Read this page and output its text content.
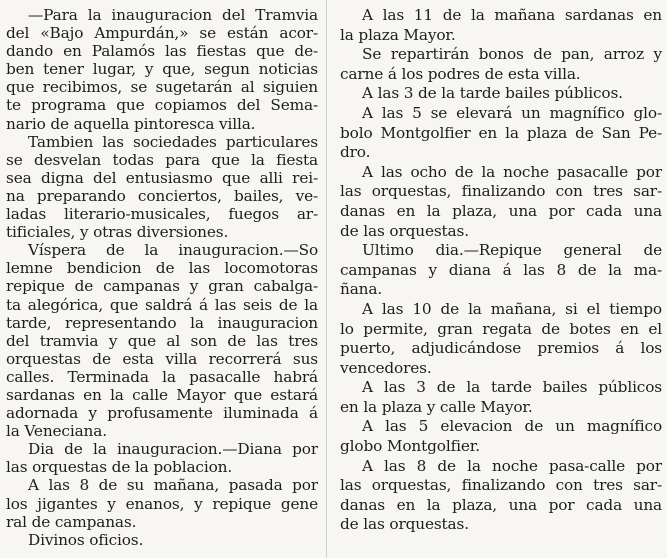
—Para la inauguracion del Tramvia
del «Bajo Ampurdán,» se están acor-
dando en Palamós las fiestas que de-
ben tener lugar, y que, segun noticias
que recibimos, se sugetarán al siguien
te programa que copiamos del Sema-
nario de aquella pintoresca villa.
Tambien las sociedades particulares
se desvelan todas para que la fiesta
sea digna del entusiasmo que alli rei-
na preparando conciertos, bailes, ve-
ladas literario-musicales, fuegos ar-
tificiales, y otras diversiones.
Víspera de la inauguracion.—So
lemne bendicion de las locomotoras
repique de campanas y gran cabalga-
ta alegórica, que saldrá á las seis de la
tarde, representando la inauguracion
del tramvia y que al son de las tres
orquestas de esta villa recorrerá sus
calles. Terminada la pasacalle habrá
sardanas en la calle Mayor que estará
adornada y profusamente iluminada á
la Veneciana.
Dia de la inauguracion.—Diana por
las orquestas de la poblacion.
A las 8 de su mañana, pasada por
los jigantes y enanos, y repique gene
ral de campanas.
Divinos oficios.
A las 11 de la mañana sardanas en
la plaza Mayor.
Se repartirán bonos de pan, arroz y
carne á los podres de esta villa.
A las 3 de la tarde bailes públicos.
A las 5 se elevará un magnífico glo-
bolo Montgolfier en la plaza de San Pe-
dro.
A las ocho de la noche pasacalle por
las orquestas, finalizando con tres sar-
danas en la plaza, una por cada una
de las orquestas.
Ultimo dia.—Repique general de
campanas y diana á las 8 de la ma-
ñana.
A las 10 de la mañana, si el tiempo
lo permite, gran regata de botes en el
puerto, adjudicándose premios á los
vencedores.
A las 3 de la tarde bailes públicos
en la plaza y calle Mayor.
A las 5 elevacion de un magnífico
globo Montgolfier.
A las 8 de la noche pasa-calle por
las orquestas, finalizando con tres sar-
danas en la plaza, una por cada una
de las orquestas.
